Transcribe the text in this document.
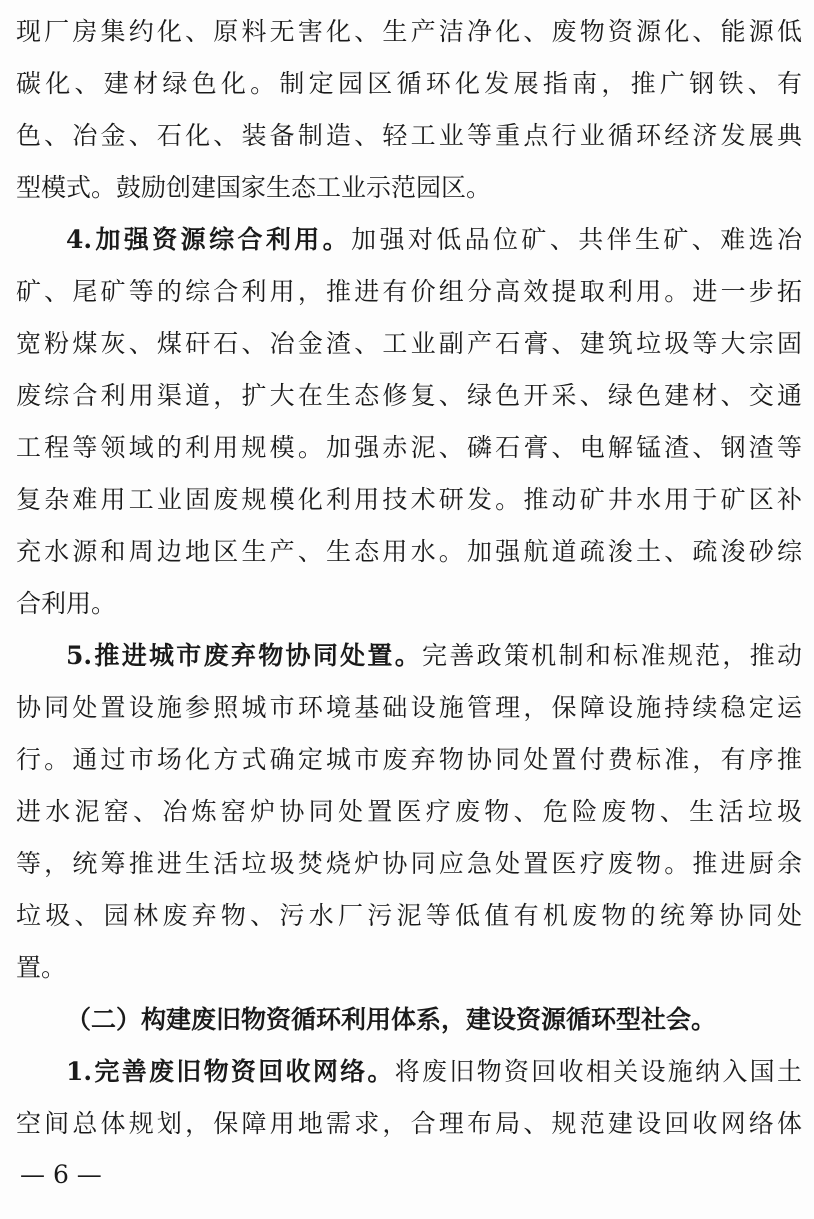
现厂房集约化、原料无害化、生产洁净化、废物资源化、能源低
碳化、建材绿色化。制定园区循环化发展指南，推广钢铁、有
色、冶金、石化、装备制造、轻工业等重点行业循环经济发展典
型模式。鼓励创建国家生态工业示范园区。
4.加强资源综合利用。加强对低品位矿、共伴生矿、难选冶
矿、尾矿等的综合利用，推进有价组分高效提取利用。进一步拓
宽粉煤灰、煤矸石、冶金渣、工业副产石膏、建筑垃圾等大宗固
废综合利用渠道，扩大在生态修复、绿色开采、绿色建材、交通
工程等领域的利用规模。加强赤泥、磷石膏、电解锰渣、钢渣等
复杂难用工业固废规模化利用技术研发。推动矿井水用于矿区补
充水源和周边地区生产、生态用水。加强航道疏浚土、疏浚砂综
合利用。
5.推进城市废弃物协同处置。完善政策机制和标准规范，推动
协同处置设施参照城市环境基础设施管理，保障设施持续稳定运
行。通过市场化方式确定城市废弃物协同处置付费标准，有序推
进水泥窑、冶炼窑炉协同处置医疗废物、危险废物、生活垃圾
等，统筹推进生活垃圾焚烧炉协同应急处置医疗废物。推进厨余
垃圾、园林废弃物、污水厂污泥等低值有机废物的统筹协同处
置。
（二）构建废旧物资循环利用体系，建设资源循环型社会。
1.完善废旧物资回收网络。将废旧物资回收相关设施纳入国土
空间总体规划，保障用地需求，合理布局、规范建设回收网络体
— 6 —
